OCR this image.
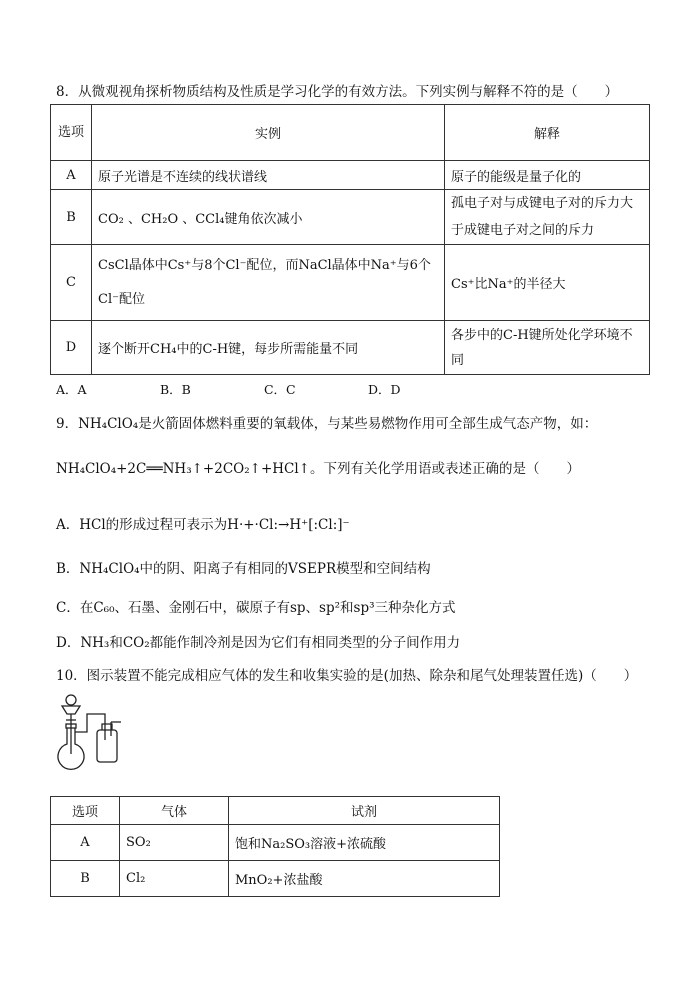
8．从微观视角探析物质结构及性质是学习化学的有效方法。下列实例与解释不符的是（　　）
选项	实例	解释
A	原子光谱是不连续的线状谱线	原子的能级是量子化的
B	CO₂ 、CH₂O 、CCl₄键角依次减小	孤电子对与成键电子对的斥力大于成键电子对之间的斥力
C	CsCl晶体中Cs⁺与8个Cl⁻配位，而NaCl晶体中Na⁺与6个Cl⁻配位	Cs⁺比Na⁺的半径大
D	逐个断开CH₄中的C-H键，每步所需能量不同	各步中的C-H键所处化学环境不同
A．A	B．B	C．C	D．D
9．NH₄ClO₄是火箭固体燃料重要的氧载体，与某些易燃物作用可全部生成气态产物，如：
NH₄ClO₄+2C══NH₃↑+2CO₂↑+HCl↑。下列有关化学用语或表述正确的是（　　）
A．HCl的形成过程可表示为H·+·Cl:→H⁺[:Cl:]⁻
B．NH₄ClO₄中的阴、阳离子有相同的VSEPR模型和空间结构
C．在C₆₀、石墨、金刚石中，碳原子有sp、sp²和sp³三种杂化方式
D．NH₃和CO₂都能作制冷剂是因为它们有相同类型的分子间作用力
10．图示装置不能完成相应气体的发生和收集实验的是(加热、除杂和尾气处理装置任选)（　　）
选项	气体	试剂
A	SO₂	饱和Na₂SO₃溶液+浓硫酸
B	Cl₂	MnO₂+浓盐酸
